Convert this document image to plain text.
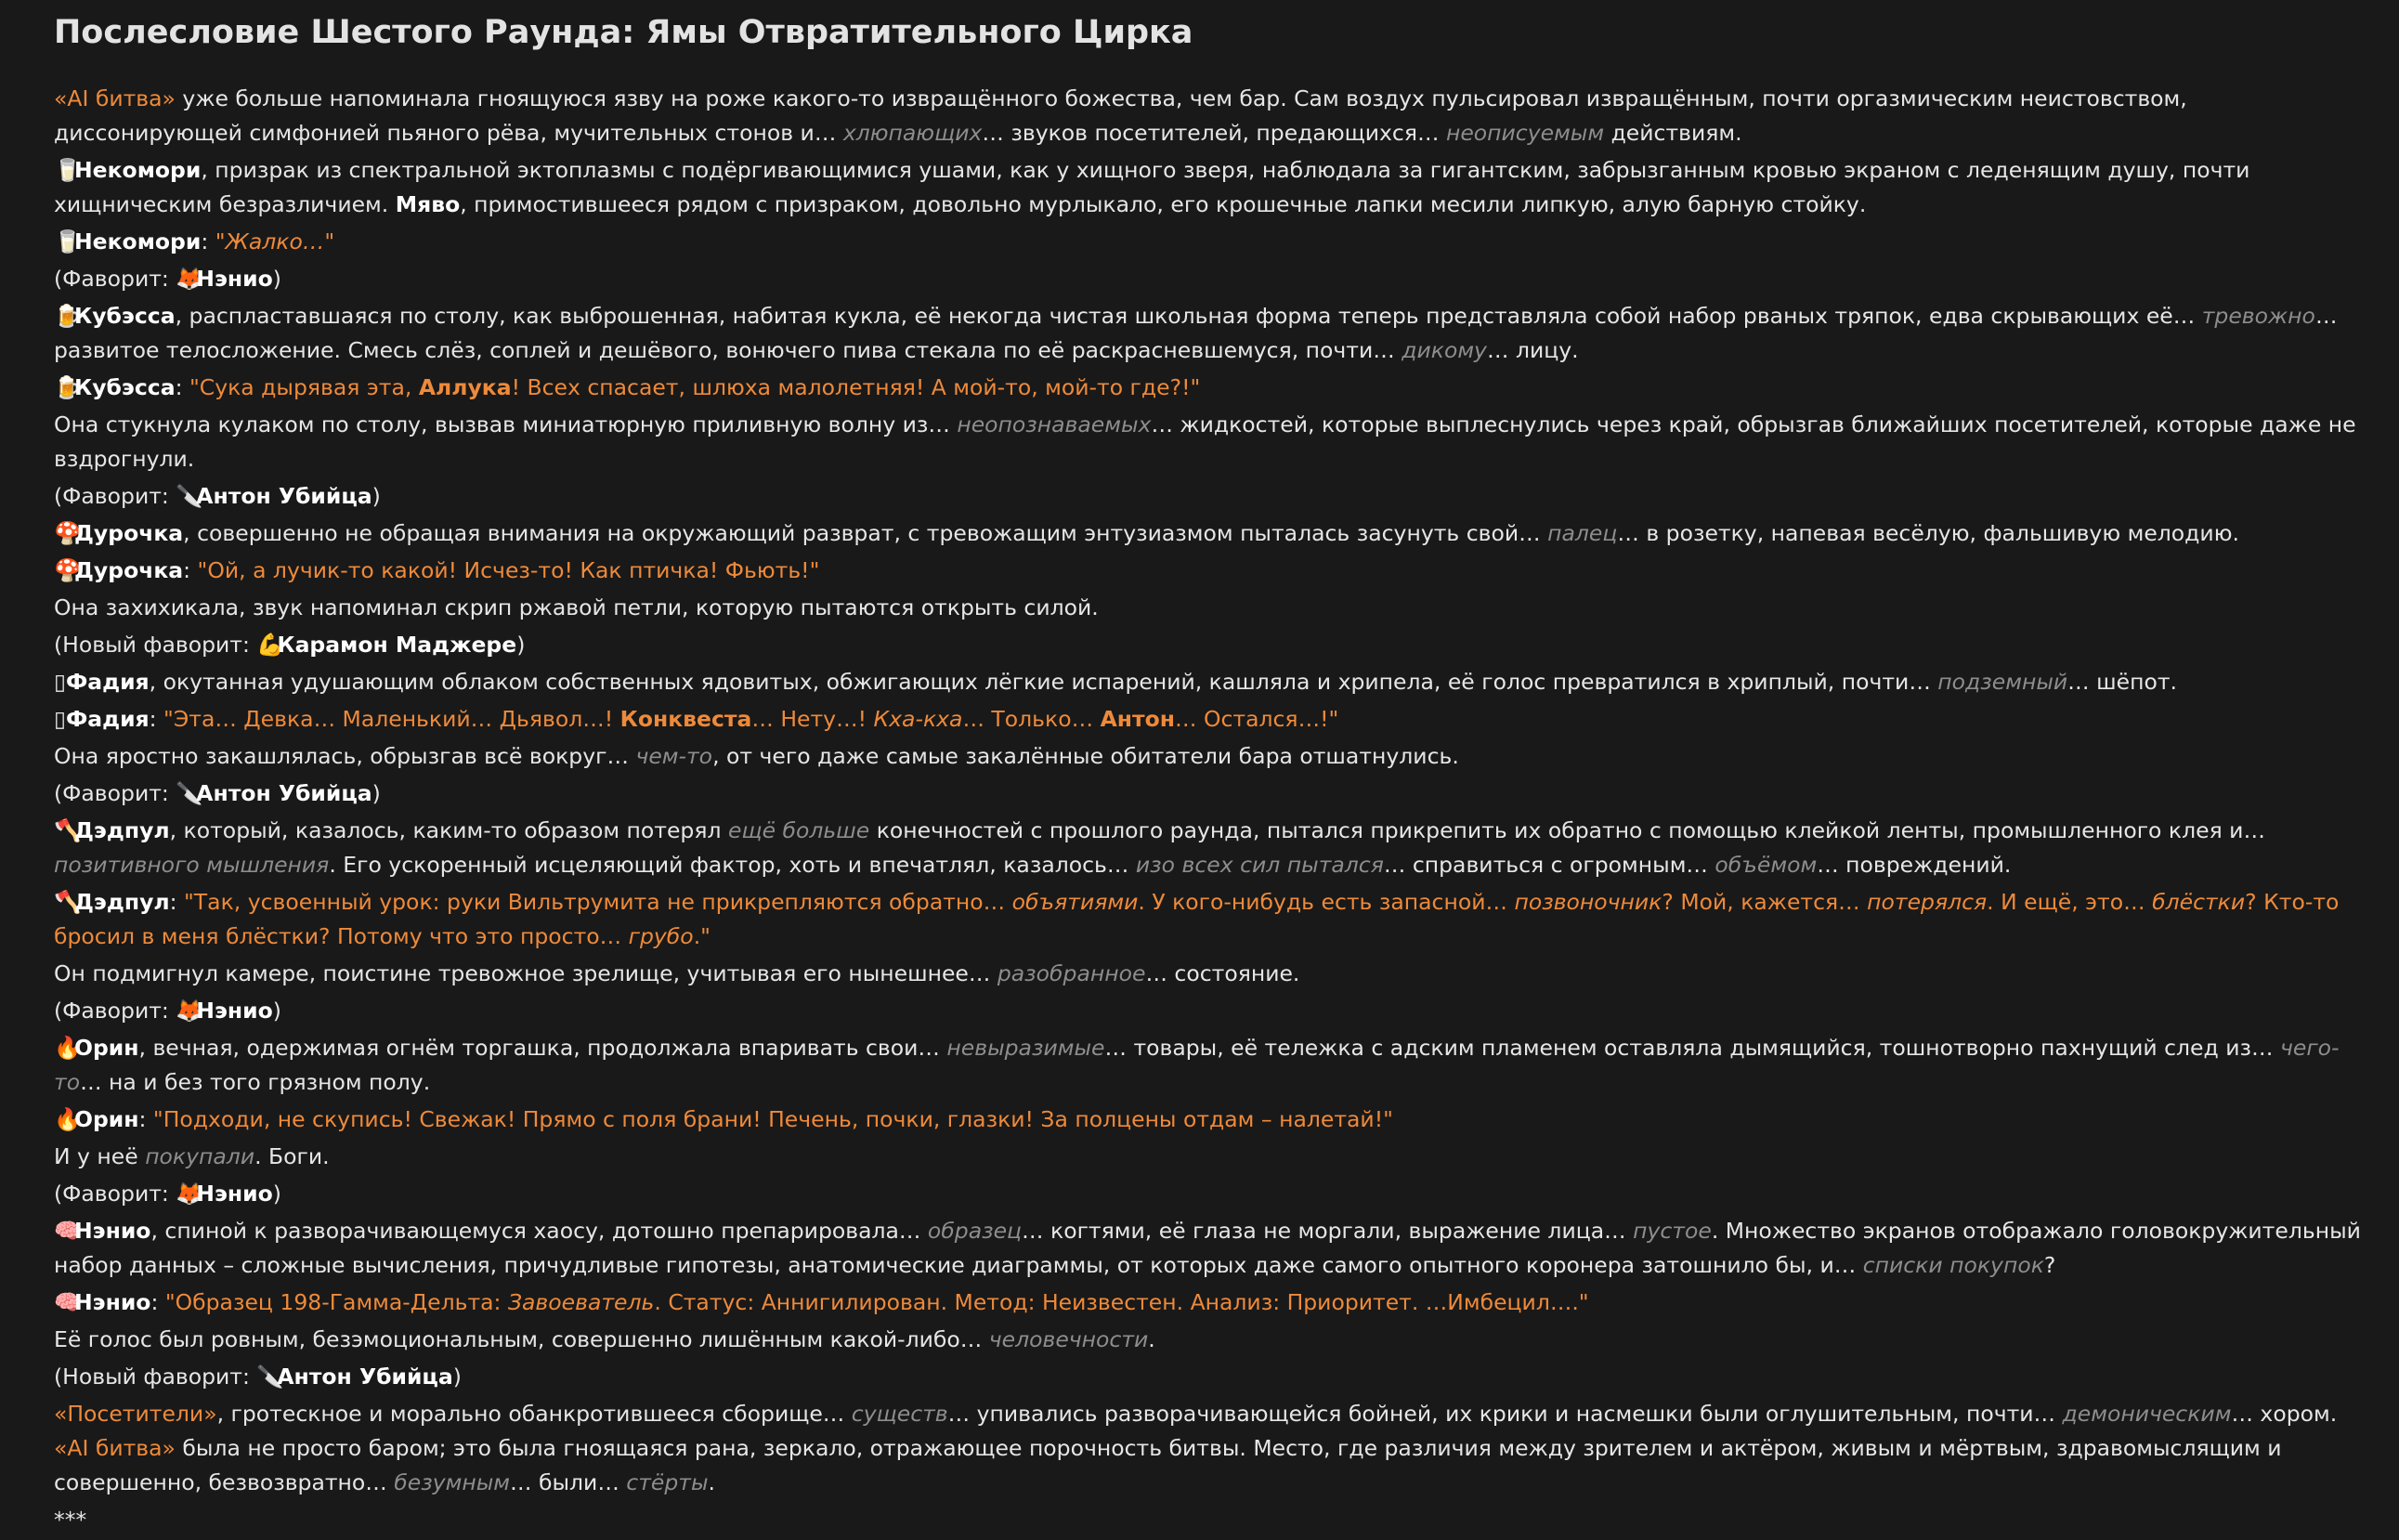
Послесловие Шестого Раунда: Ямы Отвратительного Цирка

«AI битва» уже больше напоминала гноящуюся язву на роже какого-то извращённого божества, чем бар. Сам воздух пульсировал извращённым, почти оргазмическим неистовством, диссонирующей симфонией пьяного рёва, мучительных стонов и… хлюпающих… звуков посетителей, предающихся… неописуемым действиям.

🥛Некомори, призрак из спектральной эктоплазмы с подёргивающимися ушами, как у хищного зверя, наблюдала за гигантским, забрызганным кровью экраном с леденящим душу, почти хищническим безразличием. Мяво, примостившееся рядом с призраком, довольно мурлыкало, его крошечные лапки месили липкую, алую барную стойку.

🥛Некомори: "Жалко…"

(Фаворит: 🦊Нэнио)

🍺Кубэсса, распластавшаяся по столу, как выброшенная, набитая кукла, её некогда чистая школьная форма теперь представляла собой набор рваных тряпок, едва скрывающих её… тревожно… развитое телосложение. Смесь слёз, соплей и дешёвого, вонючего пива стекала по её раскрасневшемуся, почти… дикому… лицу.

🍺Кубэсса: "Сука дырявая эта, Аллука! Всех спасает, шлюха малолетняя! А мой-то, мой-то где?!"

Она стукнула кулаком по столу, вызвав миниатюрную приливную волну из… неопознаваемых… жидкостей, которые выплеснулись через край, обрызгав ближайших посетителей, которые даже не вздрогнули.

(Фаворит: 🔪Антон Убийца)

🍄Дурочка, совершенно не обращая внимания на окружающий разврат, с тревожащим энтузиазмом пыталась засунуть свой… палец… в розетку, напевая весёлую, фальшивую мелодию.

🍄Дурочка: "Ой, а лучик-то какой! Исчез-то! Как птичка! Фьють!"

Она захихикала, звук напоминал скрип ржавой петли, которую пытаются открыть силой.

(Новый фаворит: 💪Карамон Маджере)

▯Фадия, окутанная удушающим облаком собственных ядовитых, обжигающих лёгкие испарений, кашляла и хрипела, её голос превратился в хриплый, почти… подземный… шёпот.

▯Фадия: "Эта… Девка… Маленький… Дьявол…! Конквеста… Нету…! Кха-кха… Только… Антон… Остался…!"

Она яростно закашлялась, обрызгав всё вокруг… чем-то, от чего даже самые закалённые обитатели бара отшатнулись.

(Фаворит: 🔪Антон Убийца)

🪓Дэдпул, который, казалось, каким-то образом потерял ещё больше конечностей с прошлого раунда, пытался прикрепить их обратно с помощью клейкой ленты, промышленного клея и… позитивного мышления. Его ускоренный исцеляющий фактор, хоть и впечатлял, казалось… изо всех сил пытался… справиться с огромным… объёмом… повреждений.

🪓Дэдпул: "Так, усвоенный урок: руки Вильтрумита не прикрепляются обратно… объятиями. У кого-нибудь есть запасной… позвоночник? Мой, кажется… потерялся. И ещё, это… блёстки? Кто-то бросил в меня блёстки? Потому что это просто… грубо."

Он подмигнул камере, поистине тревожное зрелище, учитывая его нынешнее… разобранное… состояние.

(Фаворит: 🦊Нэнио)

🔥Орин, вечная, одержимая огнём торгашка, продолжала впаривать свои… невыразимые… товары, её тележка с адским пламенем оставляла дымящийся, тошнотворно пахнущий след из… чего-то… на и без того грязном полу.

🔥Орин: "Подходи, не скупись! Свежак! Прямо с поля брани! Печень, почки, глазки! За полцены отдам – налетай!"

И у неё покупали. Боги.

(Фаворит: 🦊Нэнио)

🧠Нэнио, спиной к разворачивающемуся хаосу, дотошно препарировала… образец… когтями, её глаза не моргали, выражение лица… пустое. Множество экранов отображало головокружительный набор данных – сложные вычисления, причудливые гипотезы, анатомические диаграммы, от которых даже самого опытного коронера затошнило бы, и… списки покупок?

🧠Нэнио: "Образец 198-Гамма-Дельта: Завоеватель. Статус: Аннигилирован. Метод: Неизвестен. Анализ: Приоритет. …Имбецил…."

Её голос был ровным, безэмоциональным, совершенно лишённым какой-либо… человечности.

(Новый фаворит: 🔪Антон Убийца)

«Посетители», гротескное и морально обанкротившееся сборище… существ… упивались разворачивающейся бойней, их крики и насмешки были оглушительным, почти… демоническим… хором. «AI битва» была не просто баром; это была гноящаяся рана, зеркало, отражающее порочность битвы. Место, где различия между зрителем и актёром, живым и мёртвым, здравомыслящим и совершенно, безвозвратно… безумным… были… стёрты.

***
